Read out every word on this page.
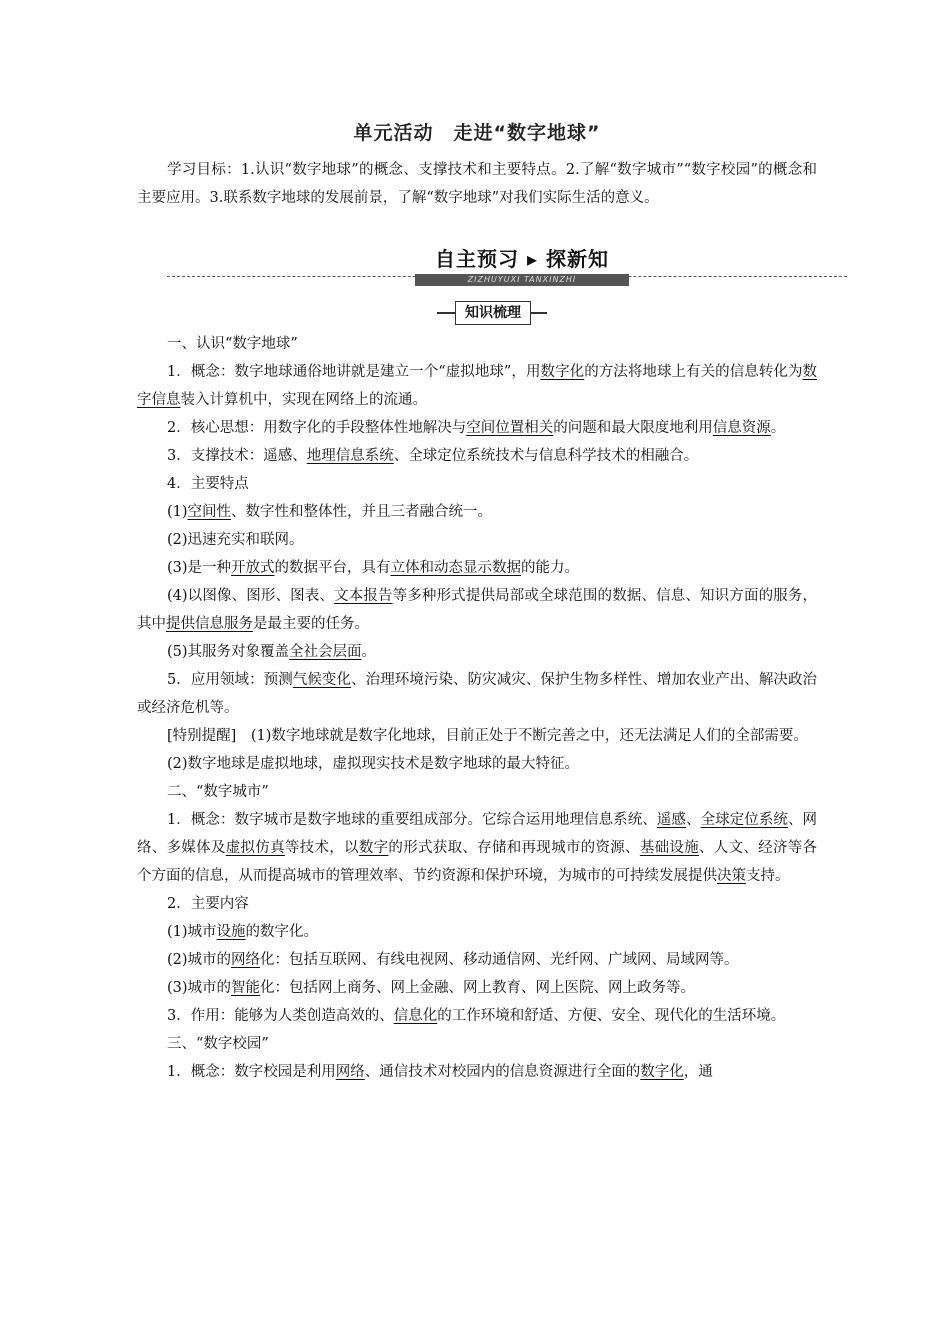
单元活动　走进“数字地球”
学习目标：1.认识“数字地球”的概念、支撑技术和主要特点。2.了解“数字城市”“数字校园”的概念和主要应用。3.联系数字地球的发展前景，了解“数字地球”对我们实际生活的意义。
自主预习 ▸ 探新知
ZIZHUYUXI TANXINZHI
知识梳理

一、认识“数字地球”

1．概念：数字地球通俗地讲就是建立一个“虚拟地球”，用数字化的方法将地球上有关的信息转化为数字信息装入计算机中，实现在网络上的流通。

2．核心思想：用数字化的手段整体性地解决与空间位置相关的问题和最大限度地利用信息资源。

3．支撑技术：遥感、地理信息系统、全球定位系统技术与信息科学技术的相融合。

4．主要特点

(1)空间性、数字性和整体性，并且三者融合统一。

(2)迅速充实和联网。

(3)是一种开放式的数据平台，具有立体和动态显示数据的能力。

(4)以图像、图形、图表、文本报告等多种形式提供局部或全球范围的数据、信息、知识方面的服务，其中提供信息服务是最主要的任务。

(5)其服务对象覆盖全社会层面。

5．应用领域：预测气候变化、治理环境污染、防灾减灾、保护生物多样性、增加农业产出、解决政治或经济危机等。

[特别提醒]　(1)数字地球就是数字化地球，目前正处于不断完善之中，还无法满足人们的全部需要。

(2)数字地球是虚拟地球，虚拟现实技术是数字地球的最大特征。

二、“数字城市”

1．概念：数字城市是数字地球的重要组成部分。它综合运用地理信息系统、遥感、全球定位系统、网络、多媒体及虚拟仿真等技术，以数字的形式获取、存储和再现城市的资源、基础设施、人文、经济等各个方面的信息，从而提高城市的管理效率、节约资源和保护环境，为城市的可持续发展提供决策支持。

2．主要内容

(1)城市设施的数字化。

(2)城市的网络化：包括互联网、有线电视网、移动通信网、光纤网、广域网、局域网等。

(3)城市的智能化：包括网上商务、网上金融、网上教育、网上医院、网上政务等。

3．作用：能够为人类创造高效的、信息化的工作环境和舒适、方便、安全、现代化的生活环境。

三、“数字校园”

1．概念：数字校园是利用网络、通信技术对校园内的信息资源进行全面的数字化，通
